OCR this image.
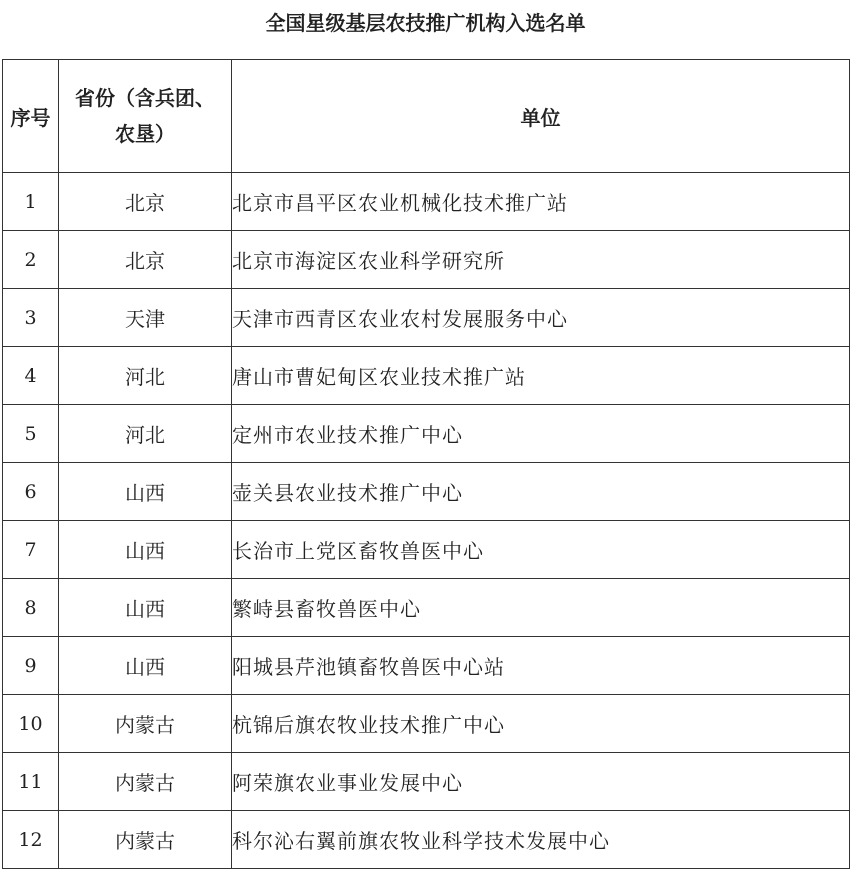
全国星级基层农技推广机构入选名单
序号	省份（含兵团、农垦）	单位
1	北京	北京市昌平区农业机械化技术推广站
2	北京	北京市海淀区农业科学研究所
3	天津	天津市西青区农业农村发展服务中心
4	河北	唐山市曹妃甸区农业技术推广站
5	河北	定州市农业技术推广中心
6	山西	壶关县农业技术推广中心
7	山西	长治市上党区畜牧兽医中心
8	山西	繁峙县畜牧兽医中心
9	山西	阳城县芹池镇畜牧兽医中心站
10	内蒙古	杭锦后旗农牧业技术推广中心
11	内蒙古	阿荣旗农业事业发展中心
12	内蒙古	科尔沁右翼前旗农牧业科学技术发展中心
